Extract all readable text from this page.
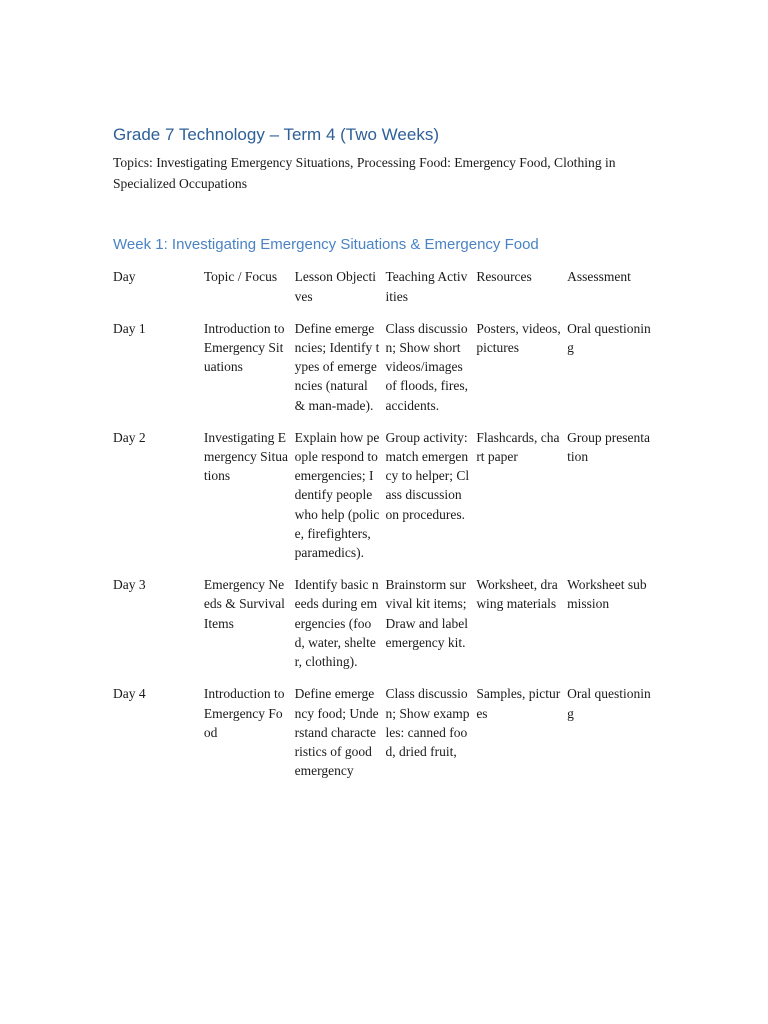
Grade 7 Technology – Term 4 (Two Weeks)
Topics: Investigating Emergency Situations, Processing Food: Emergency Food, Clothing in Specialized Occupations
Week 1: Investigating Emergency Situations & Emergency Food
Day	Topic / Focus	Lesson Objectives	Teaching Activities	Resources	Assessment
Day 1	Introduction to Emergency Situations	Define emergencies; Identify types of emergencies (natural & man-made).	Class discussion; Show short videos/images of floods, fires, accidents.	Posters, videos, pictures	Oral questioning
Day 2	Investigating Emergency Situations	Explain how people respond to emergencies; Identify people who help (police, firefighters, paramedics).	Group activity: match emergency to helper; Class discussion on procedures.	Flashcards, chart paper	Group presentation
Day 3	Emergency Needs & Survival Items	Identify basic needs during emergencies (food, water, shelter, clothing).	Brainstorm survival kit items; Draw and label emergency kit.	Worksheet, drawing materials	Worksheet submission
Day 4	Introduction to Emergency Food	Define emergency food; Understand characteristics of good emergency	Class discussion; Show examples: canned food, dried fruit,	Samples, pictures	Oral questioning
